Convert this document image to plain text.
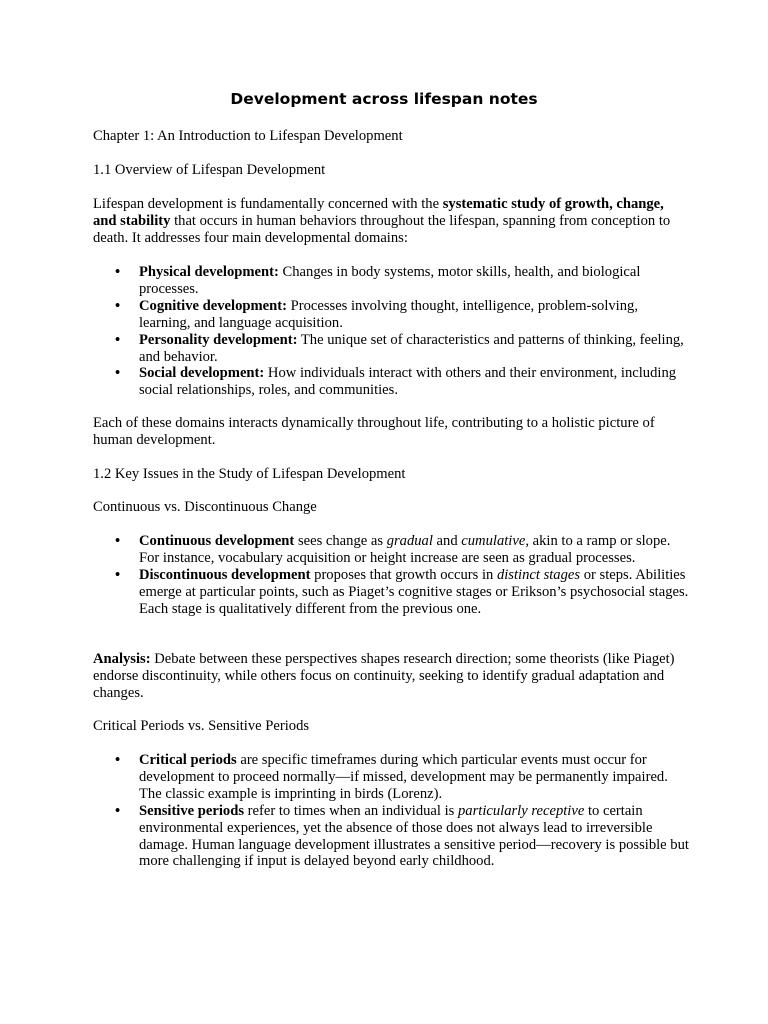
Development across lifespan notes

Chapter 1: An Introduction to Lifespan Development

1.1 Overview of Lifespan Development

Lifespan development is fundamentally concerned with the systematic study of growth, change, and stability that occurs in human behaviors throughout the lifespan, spanning from conception to death. It addresses four main developmental domains:

• Physical development: Changes in body systems, motor skills, health, and biological processes.
• Cognitive development: Processes involving thought, intelligence, problem-solving, learning, and language acquisition.
• Personality development: The unique set of characteristics and patterns of thinking, feeling, and behavior.
• Social development: How individuals interact with others and their environment, including social relationships, roles, and communities.

Each of these domains interacts dynamically throughout life, contributing to a holistic picture of human development.

1.2 Key Issues in the Study of Lifespan Development

Continuous vs. Discontinuous Change

• Continuous development sees change as gradual and cumulative, akin to a ramp or slope. For instance, vocabulary acquisition or height increase are seen as gradual processes.
• Discontinuous development proposes that growth occurs in distinct stages or steps. Abilities emerge at particular points, such as Piaget’s cognitive stages or Erikson’s psychosocial stages. Each stage is qualitatively different from the previous one.

Analysis: Debate between these perspectives shapes research direction; some theorists (like Piaget) endorse discontinuity, while others focus on continuity, seeking to identify gradual adaptation and changes.

Critical Periods vs. Sensitive Periods

• Critical periods are specific timeframes during which particular events must occur for development to proceed normally—if missed, development may be permanently impaired. The classic example is imprinting in birds (Lorenz).
• Sensitive periods refer to times when an individual is particularly receptive to certain environmental experiences, yet the absence of those does not always lead to irreversible damage. Human language development illustrates a sensitive period—recovery is possible but more challenging if input is delayed beyond early childhood.
